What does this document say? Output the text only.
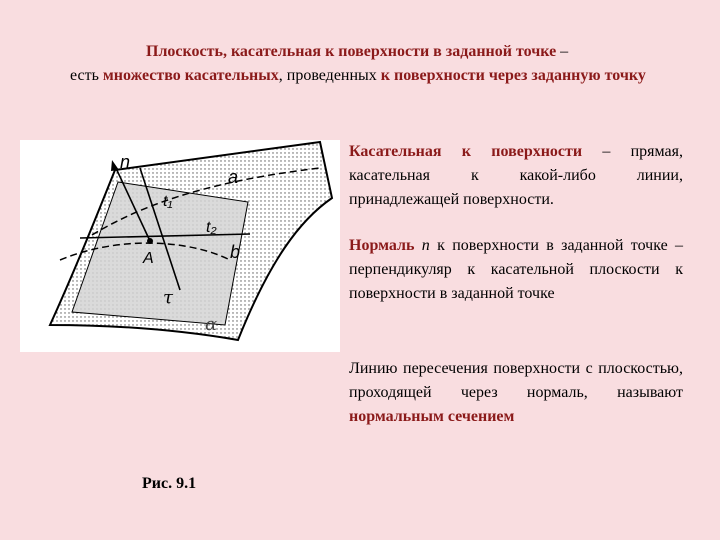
Плоскость, касательная к поверхности в заданной точке –
есть множество касательных, проведенных к поверхности через заданную точку
n
a
t₁
t₂
b
A
τ
α
Рис. 9.1
Касательная к поверхности – прямая, касательная к какой-либо линии, принадлежащей поверхности.
Нормаль n к поверхности в заданной точке – перпендикуляр к касательной плоскости к поверхности в заданной точке
Линию пересечения поверхности с плоскостью, проходящей через нормаль, называют нормальным сечением
